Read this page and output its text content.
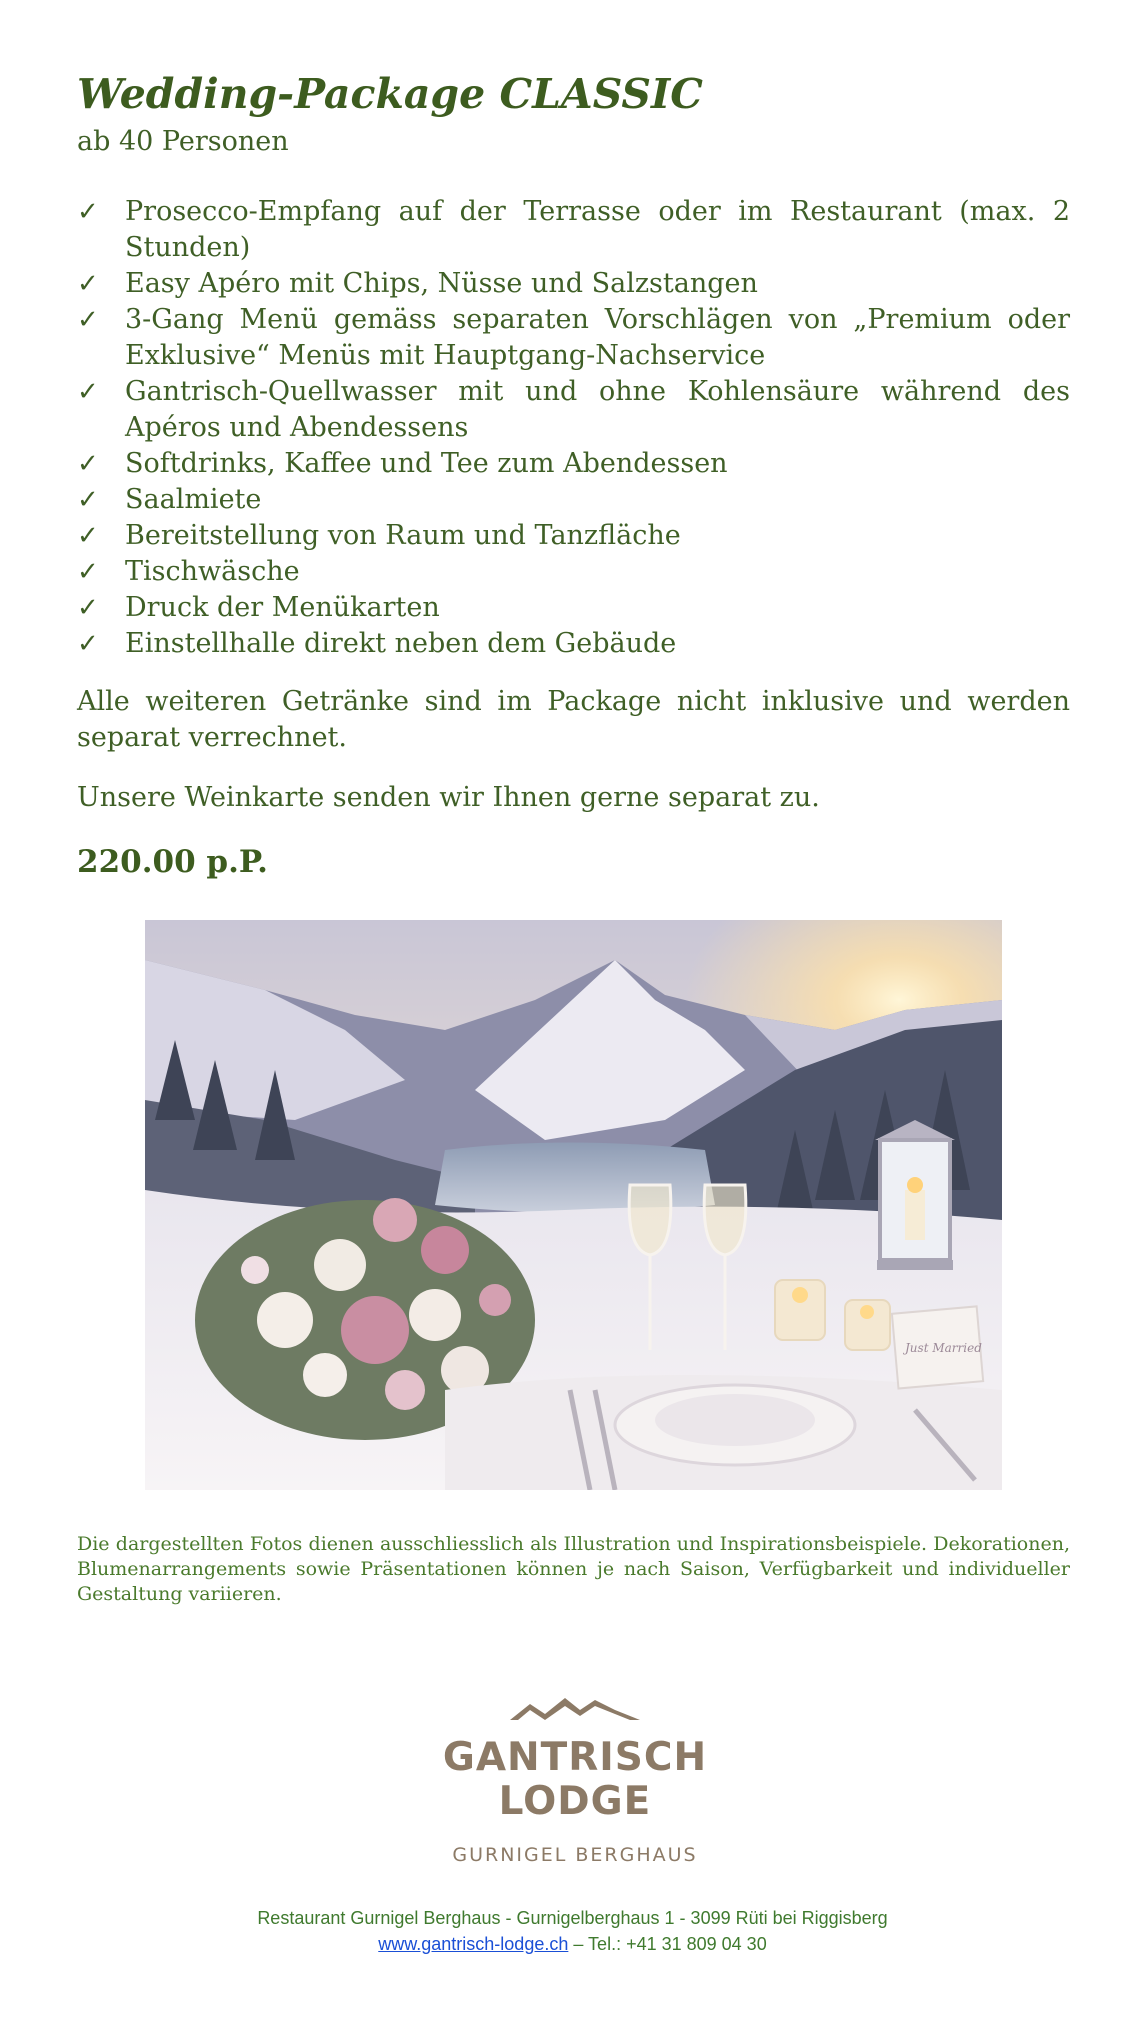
Wedding-Package CLASSIC
ab 40 Personen
✓ Prosecco-Empfang auf der Terrasse oder im Restaurant (max. 2 Stunden)
✓ Easy Apéro mit Chips, Nüsse und Salzstangen
✓ 3-Gang Menü gemäss separaten Vorschlägen von „Premium oder Exklusive“ Menüs mit Hauptgang-Nachservice
✓ Gantrisch-Quellwasser mit und ohne Kohlensäure während des Apéros und Abendessens
✓ Softdrinks, Kaffee und Tee zum Abendessen
✓ Saalmiete
✓ Bereitstellung von Raum und Tanzfläche
✓ Tischwäsche
✓ Druck der Menükarten
✓ Einstellhalle direkt neben dem Gebäude
Alle weiteren Getränke sind im Package nicht inklusive und werden separat verrechnet.
Unsere Weinkarte senden wir Ihnen gerne separat zu.
220.00 p.P.
Die dargestellten Fotos dienen ausschliesslich als Illustration und Inspirationsbeispiele. Dekorationen, Blumenarrangements sowie Präsentationen können je nach Saison, Verfügbarkeit und individueller Gestaltung variieren.
Just Married
GANTRISCH
LODGE
GURNIGEL BERGHAUS
Restaurant Gurnigel Berghaus - Gurnigelberghaus 1 - 3099 Rüti bei Riggisberg
www.gantrisch-lodge.ch – Tel.: +41 31 809 04 30
